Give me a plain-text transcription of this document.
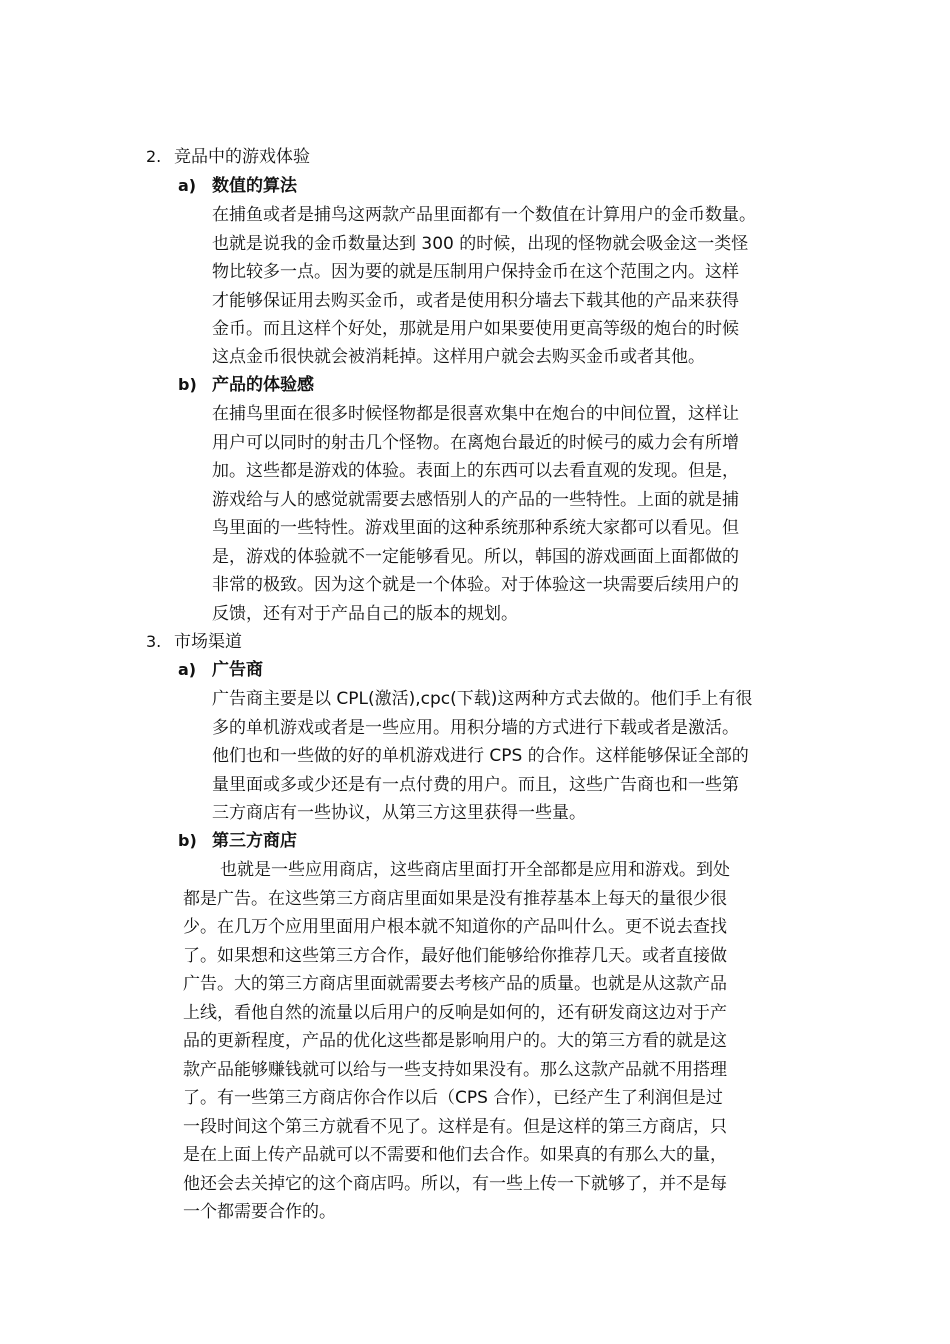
2. 竞品中的游戏体验
a) 数值的算法
在捕鱼或者是捕鸟这两款产品里面都有一个数值在计算用户的金币数量。
也就是说我的金币数量达到 300 的时候，出现的怪物就会吸金这一类怪
物比较多一点。因为要的就是压制用户保持金币在这个范围之内。这样
才能够保证用去购买金币，或者是使用积分墙去下载其他的产品来获得
金币。而且这样个好处，那就是用户如果要使用更高等级的炮台的时候
这点金币很快就会被消耗掉。这样用户就会去购买金币或者其他。
b) 产品的体验感
在捕鸟里面在很多时候怪物都是很喜欢集中在炮台的中间位置，这样让
用户可以同时的射击几个怪物。在离炮台最近的时候弓的威力会有所增
加。这些都是游戏的体验。表面上的东西可以去看直观的发现。但是，
游戏给与人的感觉就需要去感悟别人的产品的一些特性。上面的就是捕
鸟里面的一些特性。游戏里面的这种系统那种系统大家都可以看见。但
是，游戏的体验就不一定能够看见。所以，韩国的游戏画面上面都做的
非常的极致。因为这个就是一个体验。对于体验这一块需要后续用户的
反馈，还有对于产品自己的版本的规划。
3. 市场渠道
a) 广告商
广告商主要是以 CPL(激活),cpc(下载)这两种方式去做的。他们手上有很
多的单机游戏或者是一些应用。用积分墙的方式进行下载或者是激活。
他们也和一些做的好的单机游戏进行 CPS 的合作。这样能够保证全部的
量里面或多或少还是有一点付费的用户。而且，这些广告商也和一些第
三方商店有一些协议，从第三方这里获得一些量。
b) 第三方商店
也就是一些应用商店，这些商店里面打开全部都是应用和游戏。到处
都是广告。在这些第三方商店里面如果是没有推荐基本上每天的量很少很
少。在几万个应用里面用户根本就不知道你的产品叫什么。更不说去查找
了。如果想和这些第三方合作，最好他们能够给你推荐几天。或者直接做
广告。大的第三方商店里面就需要去考核产品的质量。也就是从这款产品
上线，看他自然的流量以后用户的反响是如何的，还有研发商这边对于产
品的更新程度，产品的优化这些都是影响用户的。大的第三方看的就是这
款产品能够赚钱就可以给与一些支持如果没有。那么这款产品就不用搭理
了。有一些第三方商店你合作以后（CPS 合作），已经产生了利润但是过
一段时间这个第三方就看不见了。这样是有。但是这样的第三方商店，只
是在上面上传产品就可以不需要和他们去合作。如果真的有那么大的量，
他还会去关掉它的这个商店吗。所以，有一些上传一下就够了，并不是每
一个都需要合作的。
